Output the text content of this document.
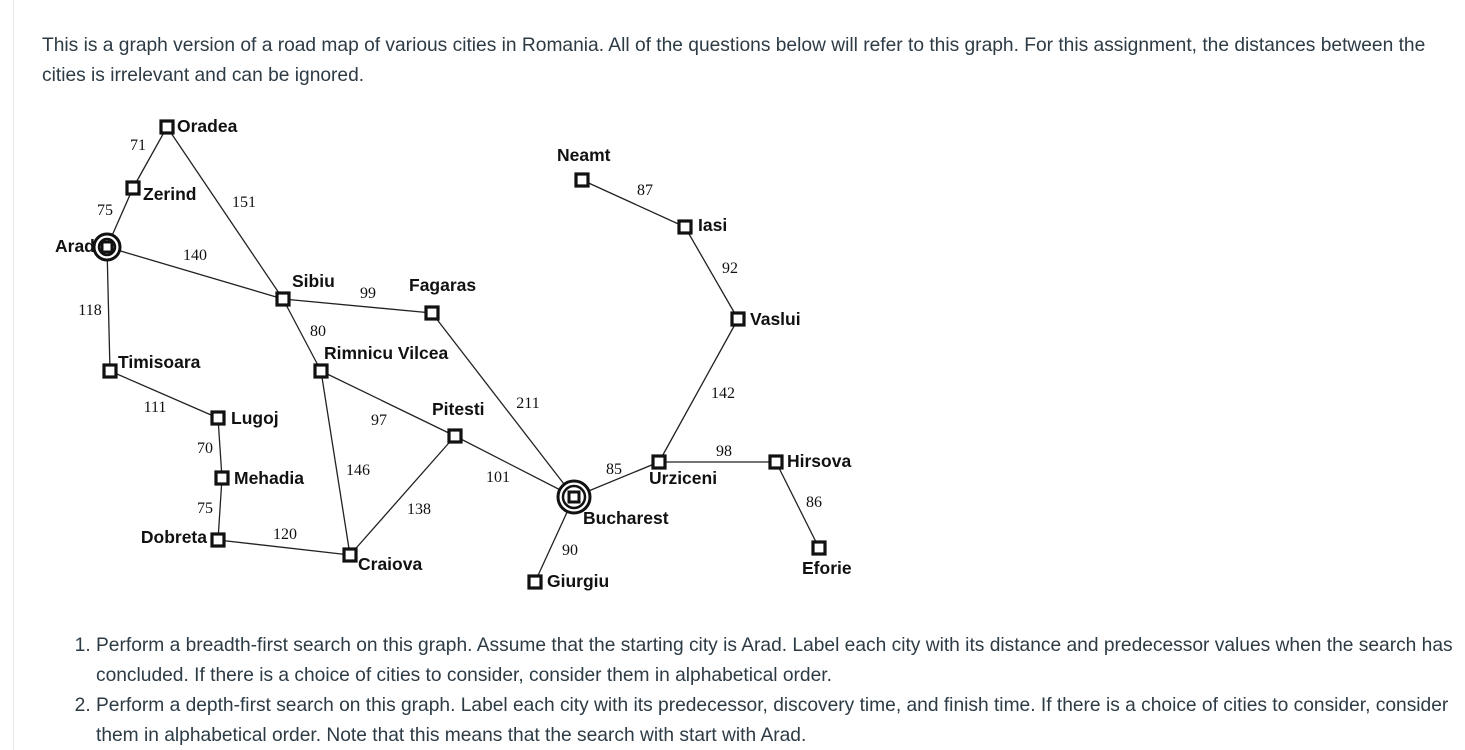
This is a graph version of a road map of various cities in Romania. All of the questions below will refer to this graph. For this assignment, the distances between the cities is irrelevant and can be ignored.

71
75	151
140
118
111
70
75
120
99
80
97
146
138
211
101
90
85
98
86
142
92
87
Oradea
Zerind
Arad
Timisoara
Lugoj
Mehadia
Dobreta
Sibiu
Rimnicu Vilcea
Fagaras
Pitesti
Craiova
Bucharest
Giurgiu
Urziceni
Hirsova
Eforie
Vaslui
Iasi
Neamt
1. Perform a breadth-first search on this graph. Assume that the starting city is Arad. Label each city with its distance and predecessor values when the search has concluded. If there is a choice of cities to consider, consider them in alphabetical order.
2. Perform a depth-first search on this graph. Label each city with its predecessor, discovery time, and finish time. If there is a choice of cities to consider, consider them in alphabetical order. Note that this means that the search with start with Arad.
